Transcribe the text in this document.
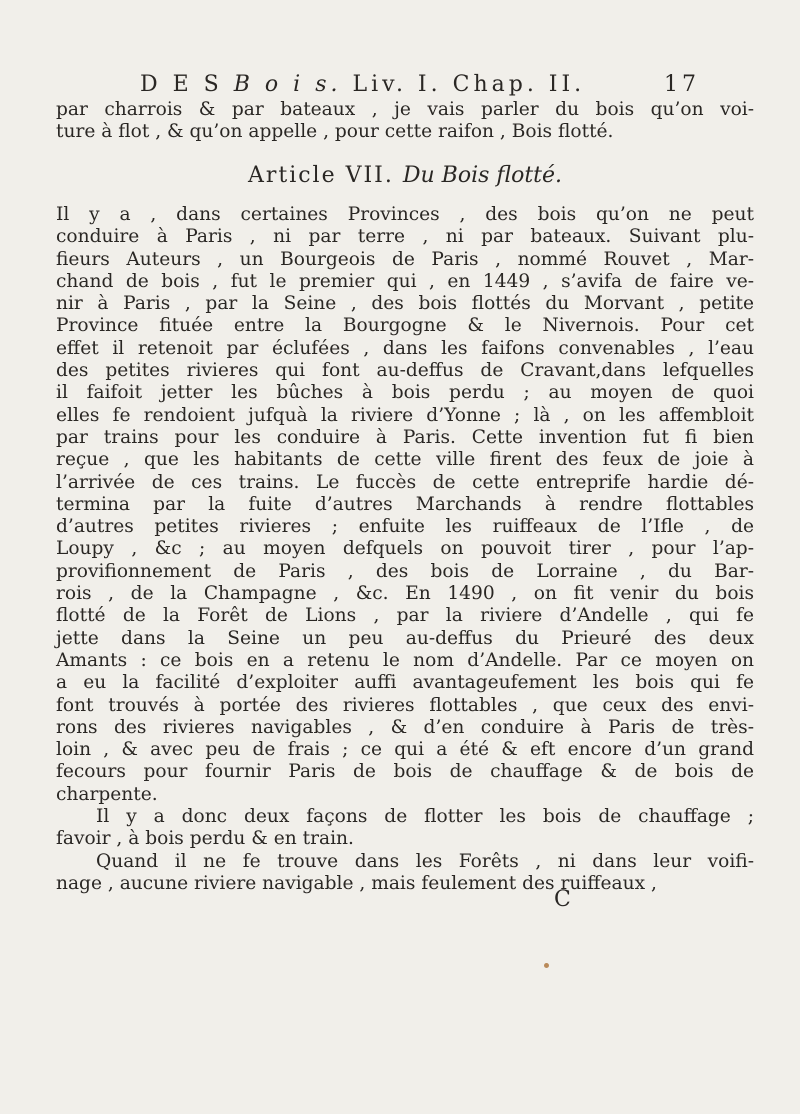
D E S B o i s. Liv. I. Chap. II.	17
par charrois & par bateaux , je vais parler du bois qu’on voi-
ture à flot , & qu’on appelle , pour cette raifon , Bois flotté.
Article VII. Du Bois flotté.
Il y a , dans certaines Provinces , des bois qu’on ne peut
conduire à Paris , ni par terre , ni par bateaux. Suivant plu-
fieurs Auteurs , un Bourgeois de Paris , nommé Rouvet , Mar-
chand de bois , fut le premier qui , en 1449 , s’avifa de faire ve-
nir à Paris , par la Seine , des bois flottés du Morvant , petite
Province fituée entre la Bourgogne & le Nivernois. Pour cet
effet il retenoit par éclufées , dans les faifons convenables , l’eau
des petites rivieres qui font au-deffus de Cravant,dans lefquelles
il faifoit jetter les bûches à bois perdu ; au moyen de quoi
elles fe rendoient jufquà la riviere d’Yonne ; là , on les affembloit
par trains pour les conduire à Paris. Cette invention fut fi bien
reçue , que les habitants de cette ville firent des feux de joie à
l’arrivée de ces trains. Le fuccès de cette entreprife hardie dé-
termina par la fuite d’autres Marchands à rendre flottables
d’autres petites rivieres ; enfuite les ruiffeaux de l’Ifle , de
Loupy , &c ; au moyen defquels on pouvoit tirer , pour l’ap-
provifionnement de Paris , des bois de Lorraine , du Bar-
rois , de la Champagne , &c. En 1490 , on fit venir du bois
flotté de la Forêt de Lions , par la riviere d’Andelle , qui fe
jette dans la Seine un peu au-deffus du Prieuré des deux
Amants : ce bois en a retenu le nom d’Andelle. Par ce moyen on
a eu la facilité d’exploiter auffi avantageufement les bois qui fe
font trouvés à portée des rivieres flottables , que ceux des envi-
rons des rivieres navigables , & d’en conduire à Paris de très-
loin , & avec peu de frais ; ce qui a été & eft encore d’un grand
fecours pour fournir Paris de bois de chauffage & de bois de
charpente.
Il y a donc deux façons de flotter les bois de chauffage ;
favoir , à bois perdu & en train.
Quand il ne fe trouve dans les Forêts , ni dans leur voifi-
nage , aucune riviere navigable , mais feulement des ruiffeaux ,
C
